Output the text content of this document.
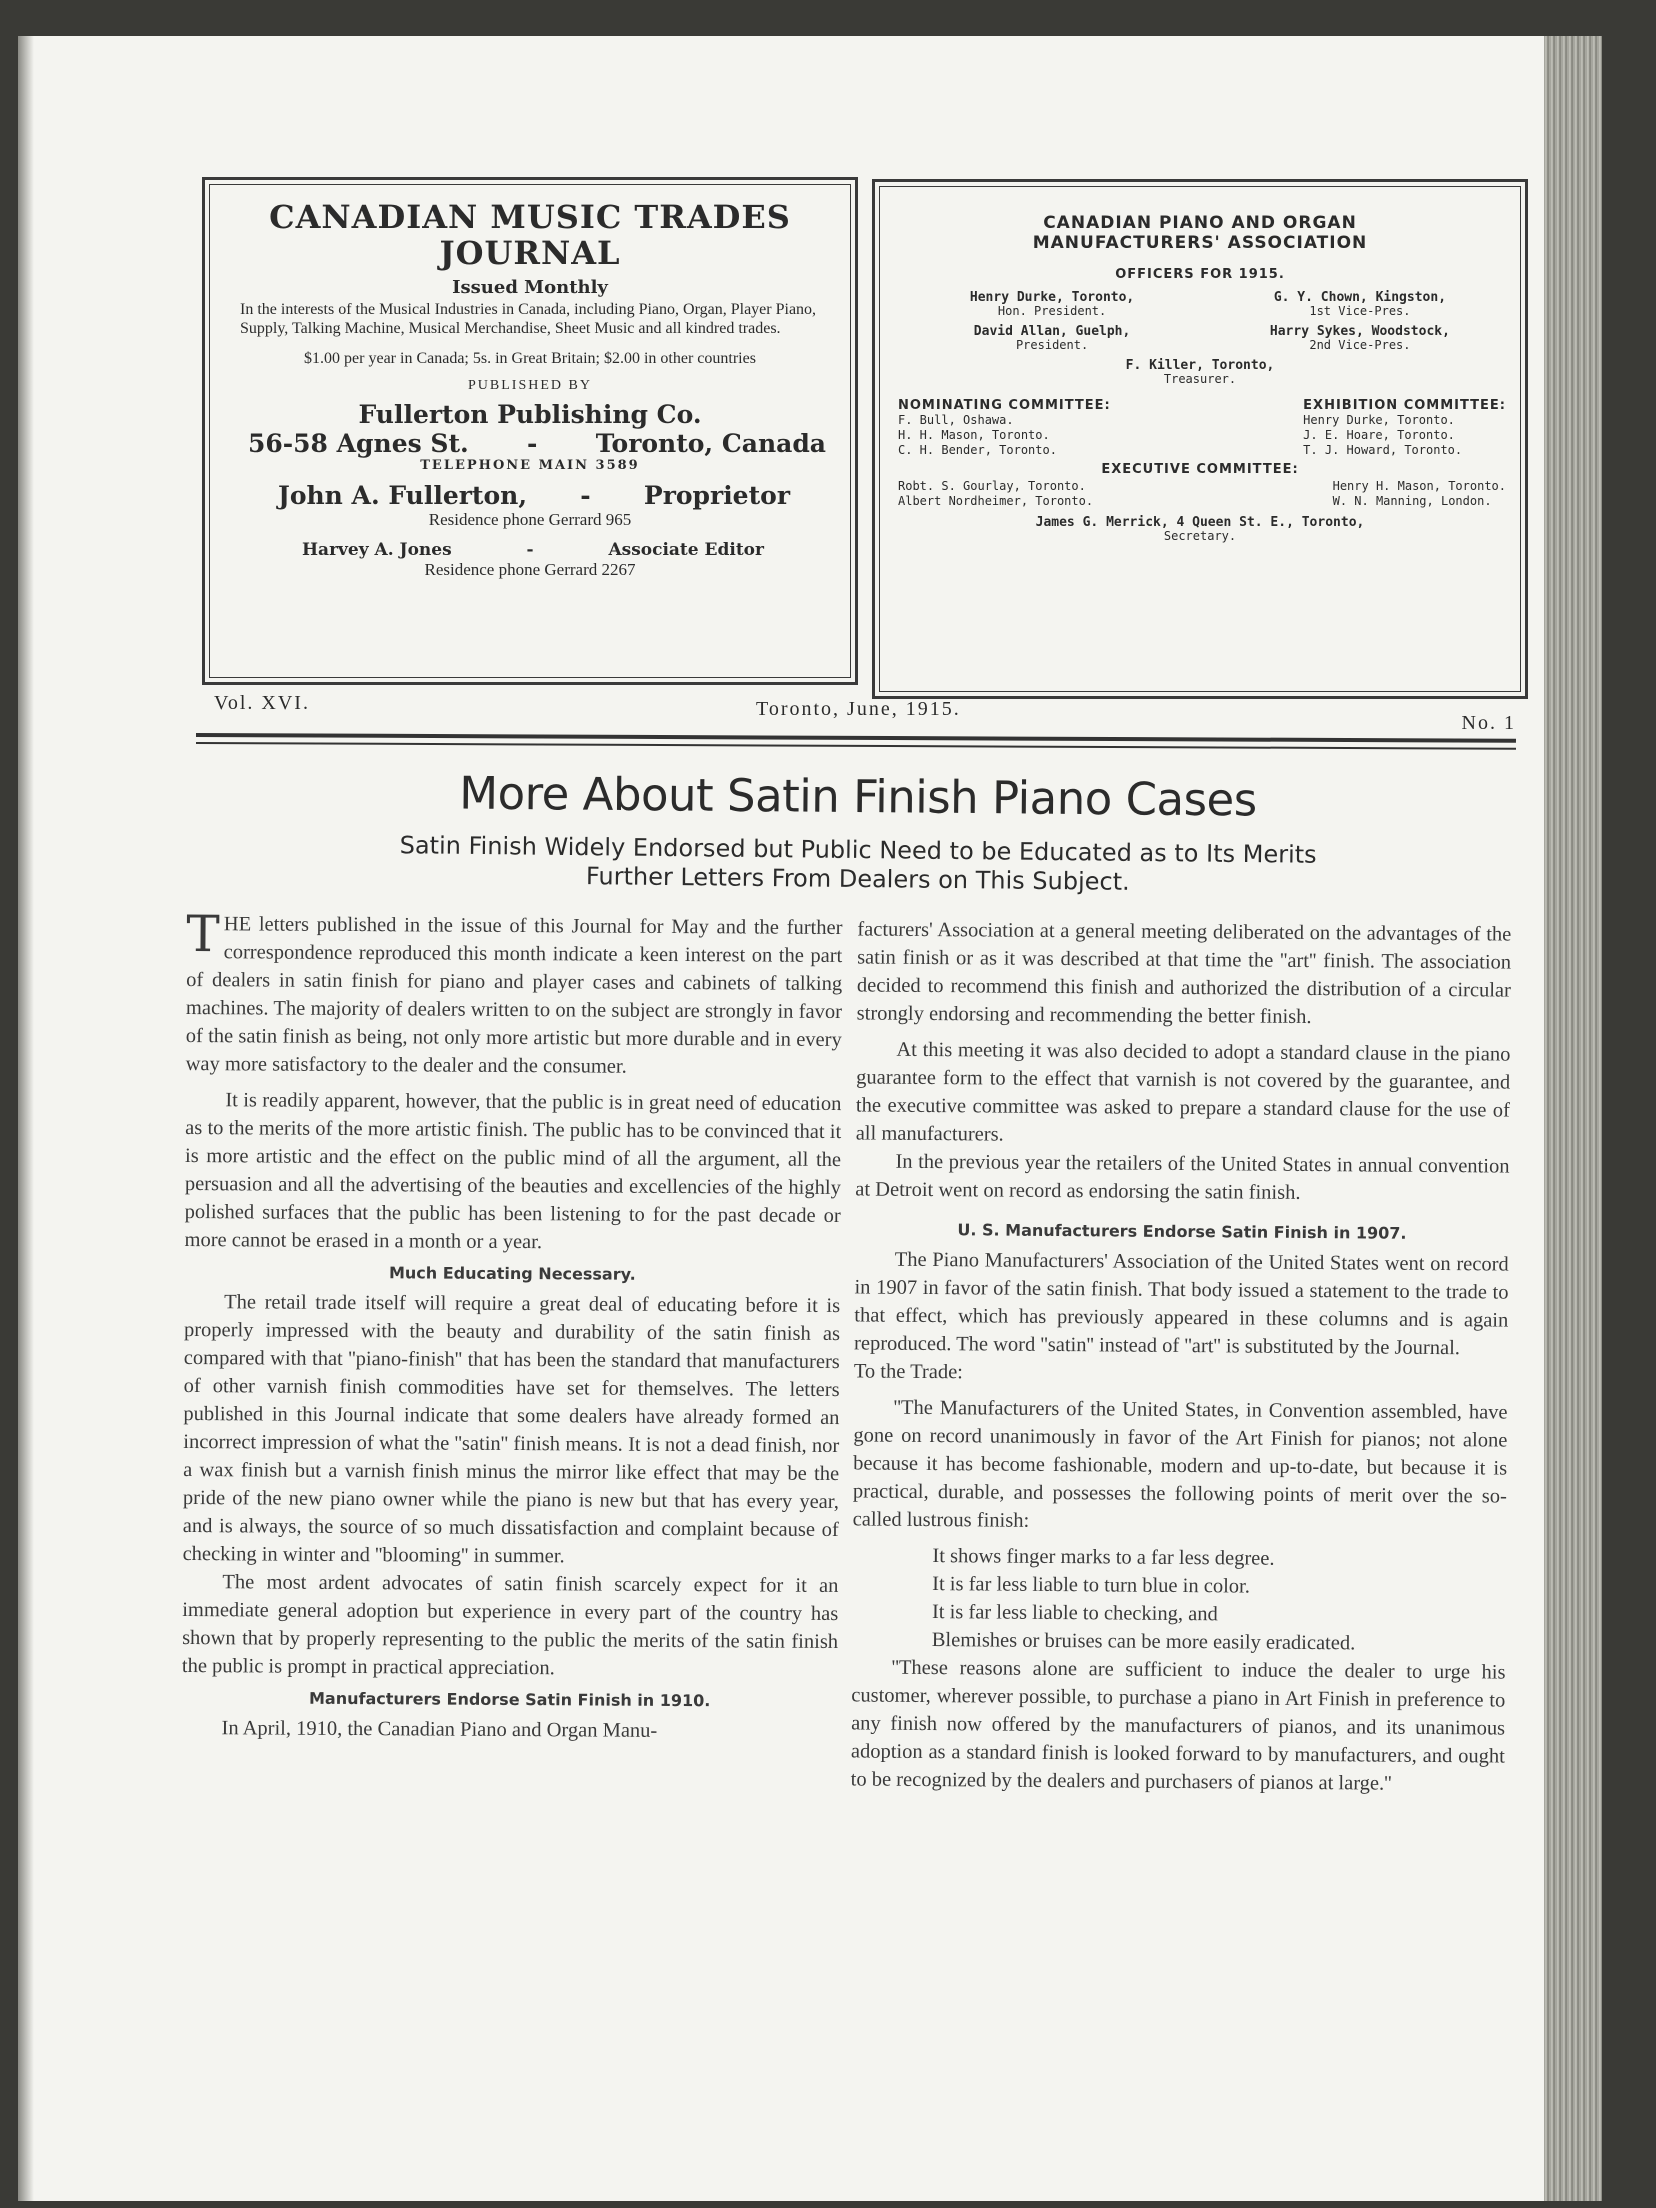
CANADIAN MUSIC TRADES
JOURNAL
Issued Monthly
In the interests of the Musical Industries in Canada, including Piano, Organ, Player Piano, Supply, Talking Machine, Musical Merchandise, Sheet Music and all kindred trades.
$1.00 per year in Canada; 5s. in Great Britain; $2.00 in other countries
PUBLISHED BY
Fullerton Publishing Co.
56-58 Agnes St. - Toronto, Canada
TELEPHONE MAIN 3589
John A. Fullerton, - Proprietor
Residence phone Gerrard 965
Harvey A. Jones	-	Associate Editor
Residence phone Gerrard 2267
CANADIAN PIANO AND ORGAN
MANUFACTURERS' ASSOCIATION
OFFICERS FOR 1915.
Henry Durke, Toronto,
Hon. President.
G. Y. Chown, Kingston,
1st Vice-Pres.
David Allan, Guelph,
President.
Harry Sykes, Woodstock,
2nd Vice-Pres.
F. Killer, Toronto,
Treasurer.
NOMINATING COMMITTEE:
F. Bull, Oshawa.
H. H. Mason, Toronto.
C. H. Bender, Toronto.
EXHIBITION COMMITTEE:
Henry Durke, Toronto.
J. E. Hoare, Toronto.
T. J. Howard, Toronto.
EXECUTIVE COMMITTEE:
Robt. S. Gourlay, Toronto.
Albert Nordheimer, Toronto.
Henry H. Mason, Toronto.
W. N. Manning, London.
James G. Merrick, 4 Queen St. E., Toronto,
Secretary.
Vol. XVI.	Toronto, June, 1915.
No. 1
More About Satin Finish Piano Cases
Satin Finish Widely Endorsed but Public Need to be Educated as to Its Merits
Further Letters From Dealers on This Subject.

THE letters published in the issue of this Journal for May and the further correspondence reproduced this month indicate a keen interest on the part of dealers in satin finish for piano and player cases and cabinets of talking machines. The majority of dealers written to on the subject are strongly in favor of the satin finish as being, not only more artistic but more durable and in every way more satisfactory to the dealer and the consumer.

It is readily apparent, however, that the public is in great need of education as to the merits of the more artistic finish. The public has to be convinced that it is more artistic and the effect on the public mind of all the argument, all the persuasion and all the advertising of the beauties and excellencies of the highly polished surfaces that the public has been listening to for the past decade or more cannot be erased in a month or a year.

Much Educating Necessary.

The retail trade itself will require a great deal of educating before it is properly impressed with the beauty and durability of the satin finish as compared with that ''piano-finish'' that has been the standard that manufacturers of other varnish finish commodities have set for themselves. The letters published in this Journal indicate that some dealers have already formed an incorrect impression of what the ''satin'' finish means. It is not a dead finish, nor a wax finish but a varnish finish minus the mirror like effect that may be the pride of the new piano owner while the piano is new but that has every year, and is always, the source of so much dissatisfaction and complaint because of checking in winter and ''blooming'' in summer.

The most ardent advocates of satin finish scarcely expect for it an immediate general adoption but experience in every part of the country has shown that by properly representing to the public the merits of the satin finish the public is prompt in practical appreciation.

Manufacturers Endorse Satin Finish in 1910.

In April, 1910, the Canadian Piano and Organ Manu-

facturers' Association at a general meeting deliberated on the advantages of the satin finish or as it was described at that time the ''art'' finish. The association decided to recommend this finish and authorized the distribution of a circular strongly endorsing and recommending the better finish.

At this meeting it was also decided to adopt a standard clause in the piano guarantee form to the effect that varnish is not covered by the guarantee, and the executive committee was asked to prepare a standard clause for the use of all manufacturers.

In the previous year the retailers of the United States in annual convention at Detroit went on record as endorsing the satin finish.

U. S. Manufacturers Endorse Satin Finish in 1907.

The Piano Manufacturers' Association of the United States went on record in 1907 in favor of the satin finish. That body issued a statement to the trade to that effect, which has previously appeared in these columns and is again reproduced. The word ''satin'' instead of ''art'' is substituted by the Journal.

To the Trade:

''The Manufacturers of the United States, in Convention assembled, have gone on record unanimously in favor of the Art Finish for pianos; not alone because it has become fashionable, modern and up-to-date, but because it is practical, durable, and possesses the following points of merit over the so-called lustrous finish:

It shows finger marks to a far less degree.

It is far less liable to turn blue in color.

It is far less liable to checking, and

Blemishes or bruises can be more easily eradicated.

''These reasons alone are sufficient to induce the dealer to urge his customer, wherever possible, to purchase a piano in Art Finish in preference to any finish now offered by the manufacturers of pianos, and its unanimous adoption as a standard finish is looked forward to by manufacturers, and ought to be recognized by the dealers and purchasers of pianos at large.''
